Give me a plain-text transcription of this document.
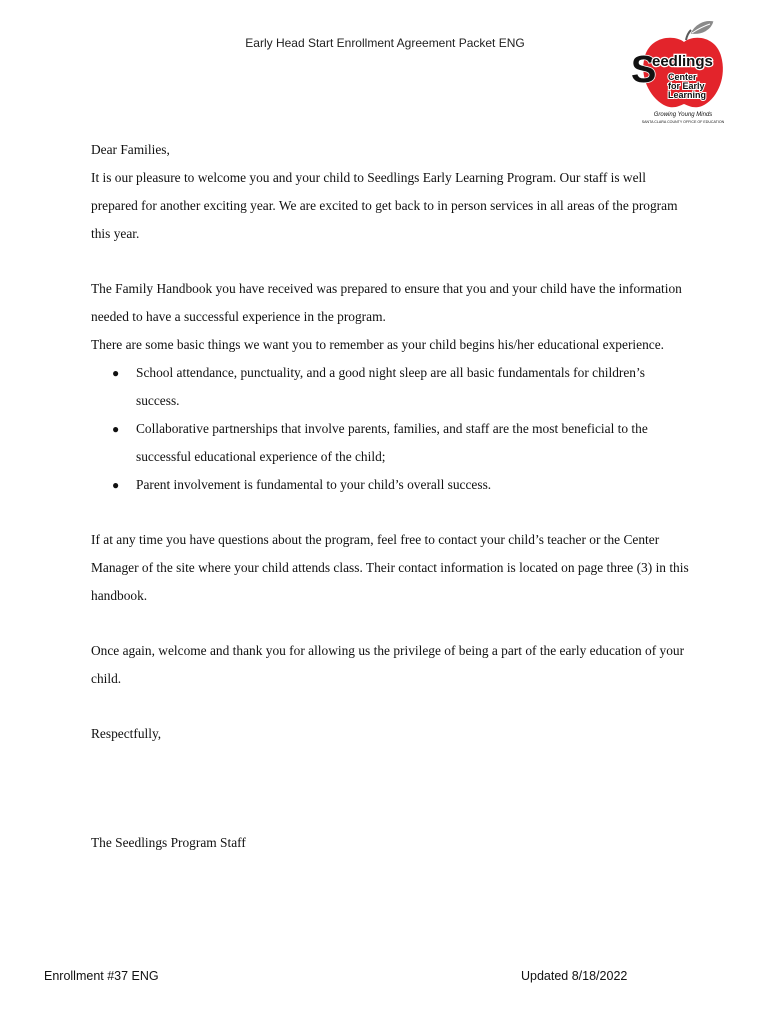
Early Head Start Enrollment Agreement Packet ENG
S
eedlings
Center
for Early
Learning
Growing Young Minds
SANTA CLARA COUNTY OFFICE OF EDUCATION

Dear Families,

It is our pleasure to welcome you and your child to Seedlings Early Learning Program. Our staff is well prepared for another exciting year. We are excited to get back to in person services in all areas of the program this year.

The Family Handbook you have received was prepared to ensure that you and your child have the information needed to have a successful experience in the program.

There are some basic things we want you to remember as your child begins his/her educational experience.

● School attendance, punctuality, and a good night sleep are all basic fundamentals for children’s success.
● Collaborative partnerships that involve parents, families, and staff are the most beneficial to the successful educational experience of the child;
● Parent involvement is fundamental to your child’s overall success.

If at any time you have questions about the program, feel free to contact your child’s teacher or the Center Manager of the site where your child attends class. Their contact information is located on page three (3) in this handbook.

Once again, welcome and thank you for allowing us the privilege of being a part of the early education of your child.

Respectfully,

The Seedlings Program Staff

Enrollment #37 ENG	Updated 8/18/2022
